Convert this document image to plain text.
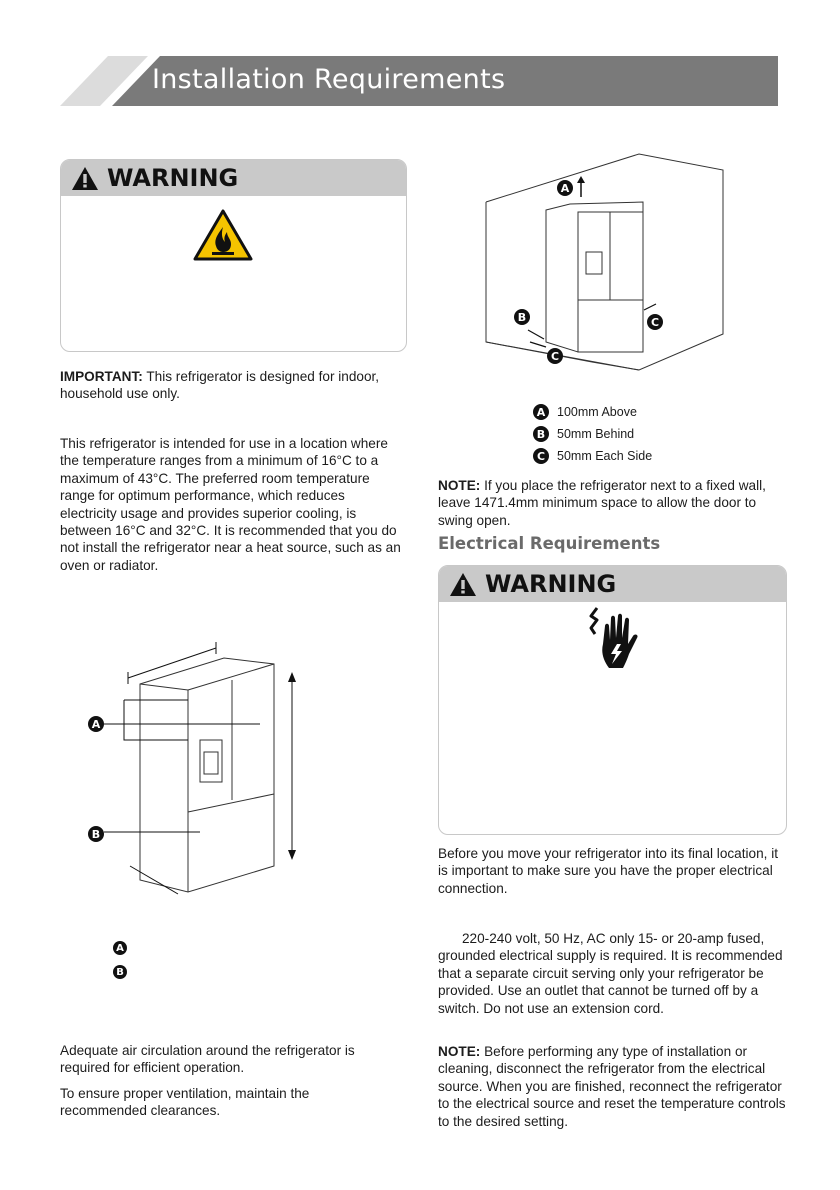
Installation Requirements
WARNING
IMPORTANT: This refrigerator is designed for indoor, household use only.
This refrigerator is intended for use in a location where the temperature ranges from a minimum of 16°C to a maximum of 43°C. The preferred room temperature range for optimum performance, which reduces electricity usage and provides superior cooling, is between 16°C and 32°C. It is recommended that you do not install the refrigerator near a heat source, such as an oven or radiator.
A
B	C
C
A 100mm Above
B 50mm Behind
C 50mm Each Side
NOTE: If you place the refrigerator next to a fixed wall, leave 1471.4mm minimum space to allow the door to swing open.
Electrical Requirements
WARNING
A
B
A
B
Before you move your refrigerator into its final location, it is important to make sure you have the proper electrical connection.
220-240 volt, 50 Hz, AC only 15- or 20-amp fused, grounded electrical supply is required. It is recommended that a separate circuit serving only your refrigerator be provided. Use an outlet that cannot be turned off by a switch. Do not use an extension cord.
NOTE: Before performing any type of installation or cleaning, disconnect the refrigerator from the electrical source. When you are finished, reconnect the refrigerator to the electrical source and reset the temperature controls to the desired setting.
Adequate air circulation around the refrigerator is required for efficient operation.
To ensure proper ventilation, maintain the recommended clearances.
